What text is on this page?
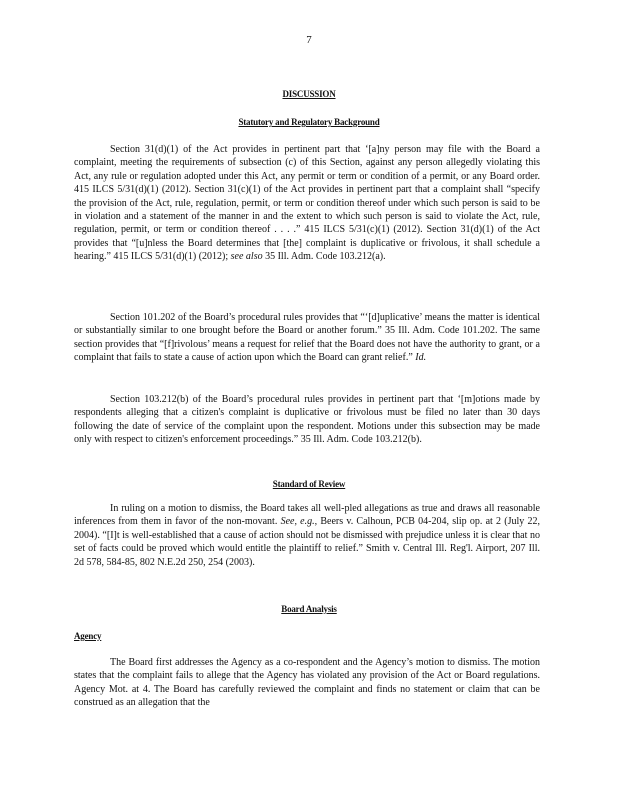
7
DISCUSSION
Statutory and Regulatory Background

Section 31(d)(1) of the Act provides in pertinent part that ‘[a]ny person may file with the Board a complaint, meeting the requirements of subsection (c) of this Section, against any person allegedly violating this Act, any rule or regulation adopted under this Act, any permit or term or condition of a permit, or any Board order. 415 ILCS 5/31(d)(1) (2012). Section 31(c)(1) of the Act provides in pertinent part that a complaint shall “specify the provision of the Act, rule, regulation, permit, or term or condition thereof under which such person is said to be in violation and a statement of the manner in and the extent to which such person is said to violate the Act, rule, regulation, permit, or term or condition thereof . . . .” 415 ILCS 5/31(c)(1) (2012). Section 31(d)(1) of the Act provides that “[u]nless the Board determines that [the] complaint is duplicative or frivolous, it shall schedule a hearing.” 415 ILCS 5/31(d)(1) (2012); see also 35 Ill. Adm. Code 103.212(a).

Section 101.202 of the Board’s procedural rules provides that “‘[d]uplicative’ means the matter is identical or substantially similar to one brought before the Board or another forum.” 35 Ill. Adm. Code 101.202. The same section provides that “[f]rivolous’ means a request for relief that the Board does not have the authority to grant, or a complaint that fails to state a cause of action upon which the Board can grant relief.” Id.

Section 103.212(b) of the Board’s procedural rules provides in pertinent part that ‘[m]otions made by respondents alleging that a citizen's complaint is duplicative or frivolous must be filed no later than 30 days following the date of service of the complaint upon the respondent. Motions under this subsection may be made only with respect to citizen's enforcement proceedings.” 35 Ill. Adm. Code 103.212(b).

Standard of Review

In ruling on a motion to dismiss, the Board takes all well-pled allegations as true and draws all reasonable inferences from them in favor of the non-movant. See, e.g., Beers v. Calhoun, PCB 04-204, slip op. at 2 (July 22, 2004). “[I]t is well-established that a cause of action should not be dismissed with prejudice unless it is clear that no set of facts could be proved which would entitle the plaintiff to relief.” Smith v. Central Ill. Reg'l. Airport, 207 Ill. 2d 578, 584-85, 802 N.E.2d 250, 254 (2003).

Board Analysis
Agency

The Board first addresses the Agency as a co-respondent and the Agency’s motion to dismiss. The motion states that the complaint fails to allege that the Agency has violated any provision of the Act or Board regulations. Agency Mot. at 4. The Board has carefully reviewed the complaint and finds no statement or claim that can be construed as an allegation that the
